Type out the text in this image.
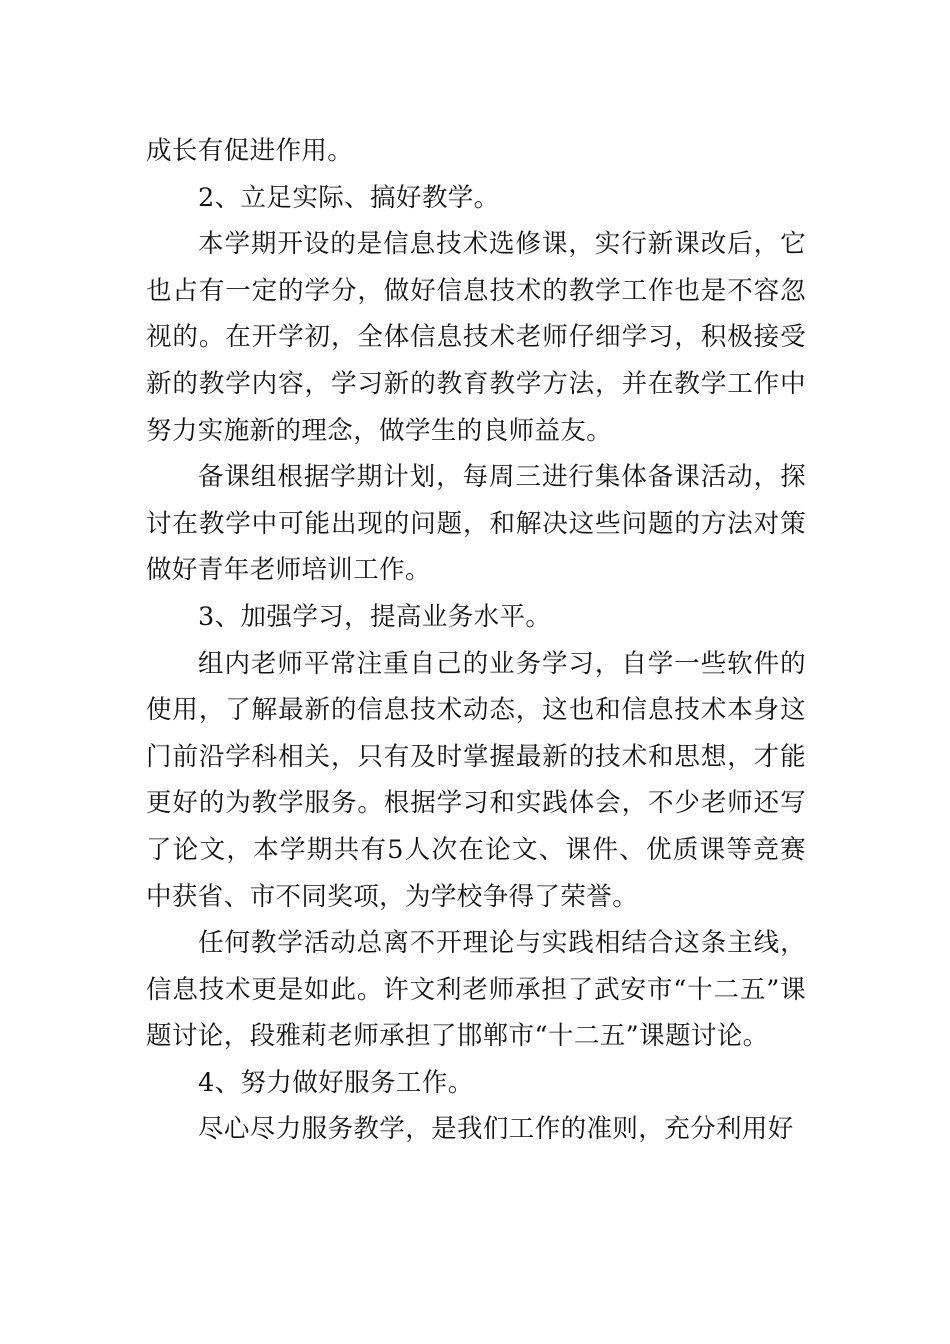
成长有促进作用。

2、立足实际、搞好教学。

本学期开设的是信息技术选修课，实行新课改后，它也占有一定的学分，做好信息技术的教学工作也是不容忽视的。在开学初，全体信息技术老师仔细学习，积极接受新的教学内容，学习新的教育教学方法，并在教学工作中努力实施新的理念，做学生的良师益友。

备课组根据学期计划，每周三进行集体备课活动，探讨在教学中可能出现的问题，和解决这些问题的方法对策做好青年老师培训工作。

3、加强学习，提高业务水平。

组内老师平常注重自己的业务学习，自学一些软件的使用，了解最新的信息技术动态，这也和信息技术本身这门前沿学科相关，只有及时掌握最新的技术和思想，才能更好的为教学服务。根据学习和实践体会，不少老师还写了论文，本学期共有5人次在论文、课件、优质课等竞赛中获省、市不同奖项，为学校争得了荣誉。

任何教学活动总离不开理论与实践相结合这条主线，信息技术更是如此。许文利老师承担了武安市“十二五”课题讨论，段雅莉老师承担了邯郸市“十二五”课题讨论。

4、努力做好服务工作。

尽心尽力服务教学，是我们工作的准则，充分利用好
